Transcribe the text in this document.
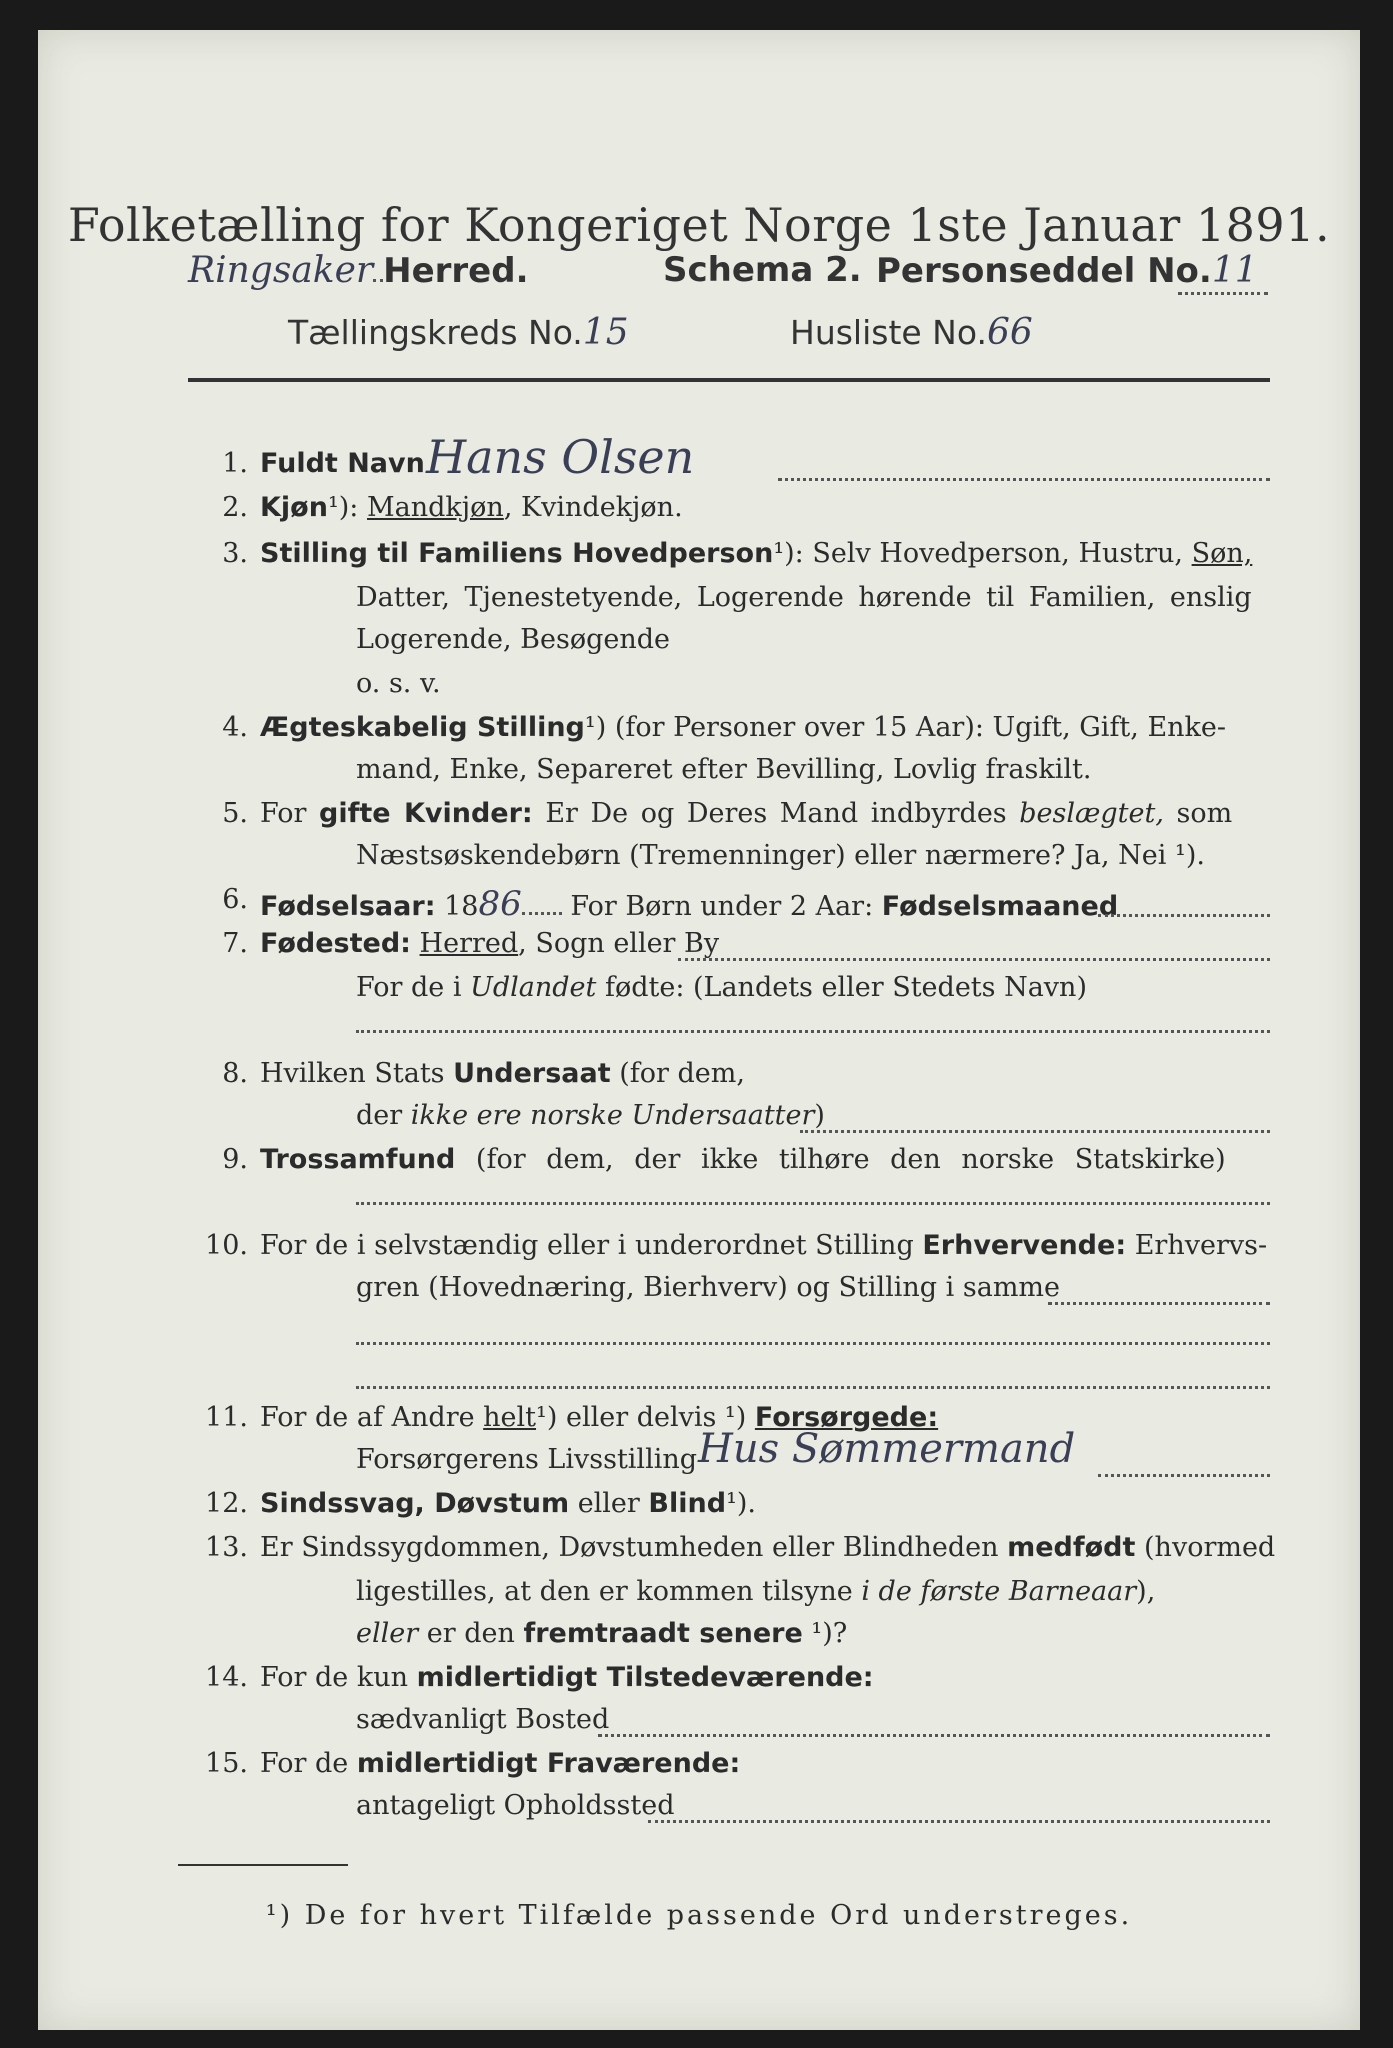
Folketælling for Kongeriget Norge 1ste Januar 1891.
Ringsaker Herred.	Schema 2. Personseddel No.11
Tællingskreds No.15	Husliste No.66
1. Fuldt Navn Hans Olsen
2. Kjøn¹): Mandkjøn, Kvindekjøn.
3. Stilling til Familiens Hovedperson¹): Selv Hovedperson, Hustru, Søn,
Datter, Tjenestetyende, Logerende hørende til Familien, enslig
Logerende, Besøgende
o. s. v.
4. Ægteskabelig Stilling¹) (for Personer over 15 Aar): Ugift, Gift, Enke-
mand, Enke, Separeret efter Bevilling, Lovlig fraskilt.
5. For gifte Kvinder: Er De og Deres Mand indbyrdes beslægtet, som
Næstsøskendebørn (Tremenninger) eller nærmere? Ja, Nei ¹).
6. Fødselsaar: 1886 For Børn under 2 Aar: Fødselsmaaned
7. Fødested: Herred, Sogn eller By
For de i Udlandet fødte: (Landets eller Stedets Navn)
8. Hvilken Stats Undersaat (for dem,
der ikke ere norske Undersaatter)
9. Trossamfund (for dem, der ikke tilhøre den norske Statskirke)
10. For de i selvstændig eller i underordnet Stilling Erhvervende: Erhvervs-
gren (Hovednæring, Bierhverv) og Stilling i samme
11. For de af Andre helt¹) eller delvis ¹) Forsørgede:
Forsørgerens Livsstilling Hus Sømmermand
12. Sindssvag, Døvstum eller Blind¹).
13. Er Sindssygdommen, Døvstumheden eller Blindheden medfødt (hvormed
ligestilles, at den er kommen tilsyne i de første Barneaar),
eller er den fremtraadt senere ¹)?
14. For de kun midlertidigt Tilstedeværende:
sædvanligt Bosted
15. For de midlertidigt Fraværende:
antageligt Opholdssted
¹) De for hvert Tilfælde passende Ord understreges.
